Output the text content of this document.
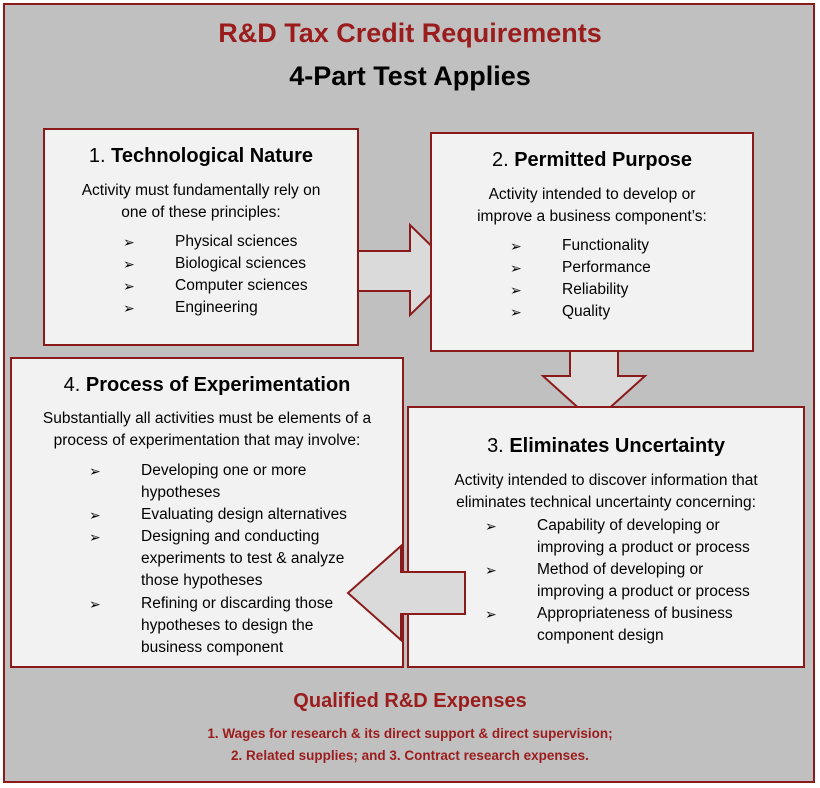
R&D Tax Credit Requirements
4-Part Test Applies
1. Technological Nature
Activity must fundamentally rely on
one of these principles:
➢	Physical sciences
➢	Biological sciences
➢	Computer sciences
➢	Engineering
2. Permitted Purpose
Activity intended to develop or
improve a business component’s:
➢	Functionality
➢	Performance
➢	Reliability
➢	Quality
4. Process of Experimentation
Substantially all activities must be elements of a
process of experimentation that may involve:
➢	Developing one or more
hypotheses
➢	Evaluating design alternatives
➢	Designing and conducting
experiments to test & analyze
those hypotheses
➢	Refining or discarding those
hypotheses to design the
business component
3. Eliminates Uncertainty
Activity intended to discover information that
eliminates technical uncertainty concerning:
➢	Capability of developing or
improving a product or process
➢	Method of developing or
improving a product or process
➢	Appropriateness of business
component design
Qualified R&D Expenses
1. Wages for research & its direct support & direct supervision;
2. Related supplies; and 3. Contract research expenses.
